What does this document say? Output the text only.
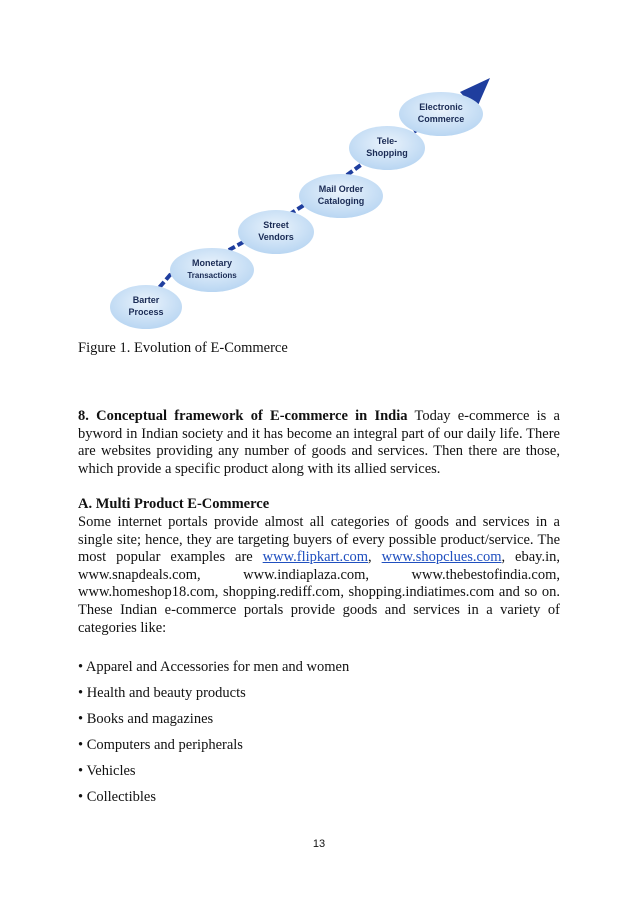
Barter
Process
Monetary
Transactions
Street
Vendors
Mail Order
Cataloging
Tele-
Shopping
Electronic
Commerce
Figure 1. Evolution of E-Commerce
8. Conceptual framework of E-commerce in India Today e-commerce is a byword in Indian society and it has become an integral part of our daily life. There are websites providing any number of goods and services. Then there are those, which provide a specific product along with its allied services.
A. Multi Product E-Commerce
Some internet portals provide almost all categories of goods and services in a single site; hence, they are targeting buyers of every possible product/service. The most popular examples are www.flipkart.com, www.shopclues.com, ebay.in, www.snapdeals.com, www.indiaplaza.com, www.thebestofindia.com, www.homeshop18.com, shopping.rediff.com, shopping.indiatimes.com and so on. These Indian e-commerce portals provide goods and services in a variety of categories like:
• Apparel and Accessories for men and women
• Health and beauty products
• Books and magazines
• Computers and peripherals
• Vehicles
• Collectibles
13
